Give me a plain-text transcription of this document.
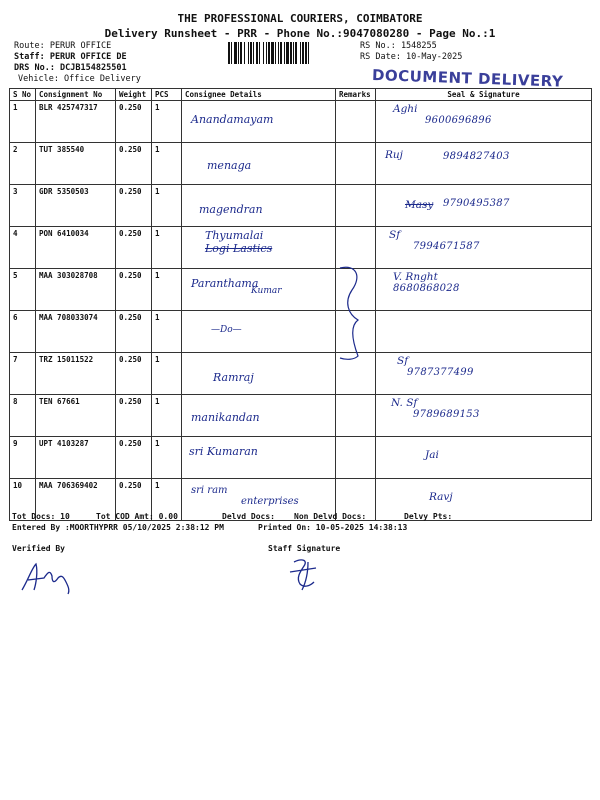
THE PROFESSIONAL COURIERS, COIMBATORE
Delivery Runsheet - PRR - Phone No.:9047080280 - Page No.:1
Route: PERUR OFFICE
Staff: PERUR OFFICE DE
DRS No.: DCJB154825501
Vehicle: Office Delivery
RS No.: 1548255
RS Date: 10-May-2025
DOCUMENT DELIVERY
S No	Consignment No	Weight	PCS	Consignee Details	Remarks	Seal & Signature
1	BLR 425747317	0.250	1	Anandamayam		Aghi
9600696896

2	TUT 385540	0.250	1	menaga		Ruj 9894827403

3	GDR 5350503	0.250	1	magendran		Masy 9790495387

4	PON 6410034	0.250	1	Thyumalai
Logi Lastics		Sf
7994671587

5	MAA 303028708	0.250	1	Paranthama
Kumar		V. Rnght
8680868028

6	MAA 708033074	0.250	1	—Do—		

7	TRZ 15011522	0.250	1	Ramraj		Sf
9787377499

8	TEN 67661	0.250	1	manikandan		N. Sf
9789689153

9	UPT 4103287	0.250	1	sri Kumaran		Jai

10	MAA 706369402	0.250	1	sri ram
enterprises		Ravj
Tot Docs: 10	Tot COD Amt: 0.00	Delvd Docs: Non Delvd Docs:	Delvy Pts:
Entered By :MOORTHYPRR 05/10/2025 2:38:12 PM	Printed On: 10-05-2025 14:38:13
Verified By	Staff Signature
